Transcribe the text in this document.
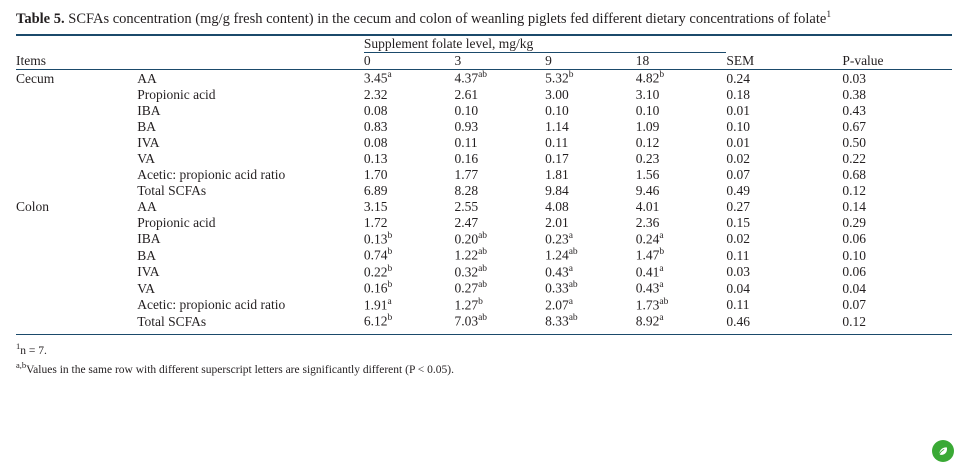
Table 5. SCFAs concentration (mg/g fresh content) in the cecum and colon of weanling piglets fed different dietary concentrations of folate$^1$
		Supplement folate level, mg/kg					
Items		0	3	9	18	SEM	P-value
Cecum	AA	3.45$^a$	4.37$^{ab}$	5.32$^b$	4.82$^b$	0.24	0.03
	Propionic acid	2.32	2.61	3.00	3.10	0.18	0.38
	IBA	0.08	0.10	0.10	0.10	0.01	0.43
	BA	0.83	0.93	1.14	1.09	0.10	0.67
	IVA	0.08	0.11	0.11	0.12	0.01	0.50
	VA	0.13	0.16	0.17	0.23	0.02	0.22
	Acetic: propionic acid ratio	1.70	1.77	1.81	1.56	0.07	0.68
	Total SCFAs	6.89	8.28	9.84	9.46	0.49	0.12
Colon	AA	3.15	2.55	4.08	4.01	0.27	0.14
	Propionic acid	1.72	2.47	2.01	2.36	0.15	0.29
	IBA	0.13$^b$	0.20$^{ab}$	0.23$^a$	0.24$^a$	0.02	0.06
	BA	0.74$^b$	1.22$^{ab}$	1.24$^{ab}$	1.47$^b$	0.11	0.10
	IVA	0.22$^b$	0.32$^{ab}$	0.43$^a$	0.41$^a$	0.03	0.06
	VA	0.16$^b$	0.27$^{ab}$	0.33$^{ab}$	0.43$^a$	0.04	0.04
	Acetic: propionic acid ratio	1.91$^a$	1.27$^b$	2.07$^a$	1.73$^{ab}$	0.11	0.07
	Total SCFAs	6.12$^b$	7.03$^{ab}$	8.33$^{ab}$	8.92$^a$	0.46	0.12
$^1$n = 7.
$^{a,b}$Values in the same row with different superscript letters are significantly different (P < 0.05).
